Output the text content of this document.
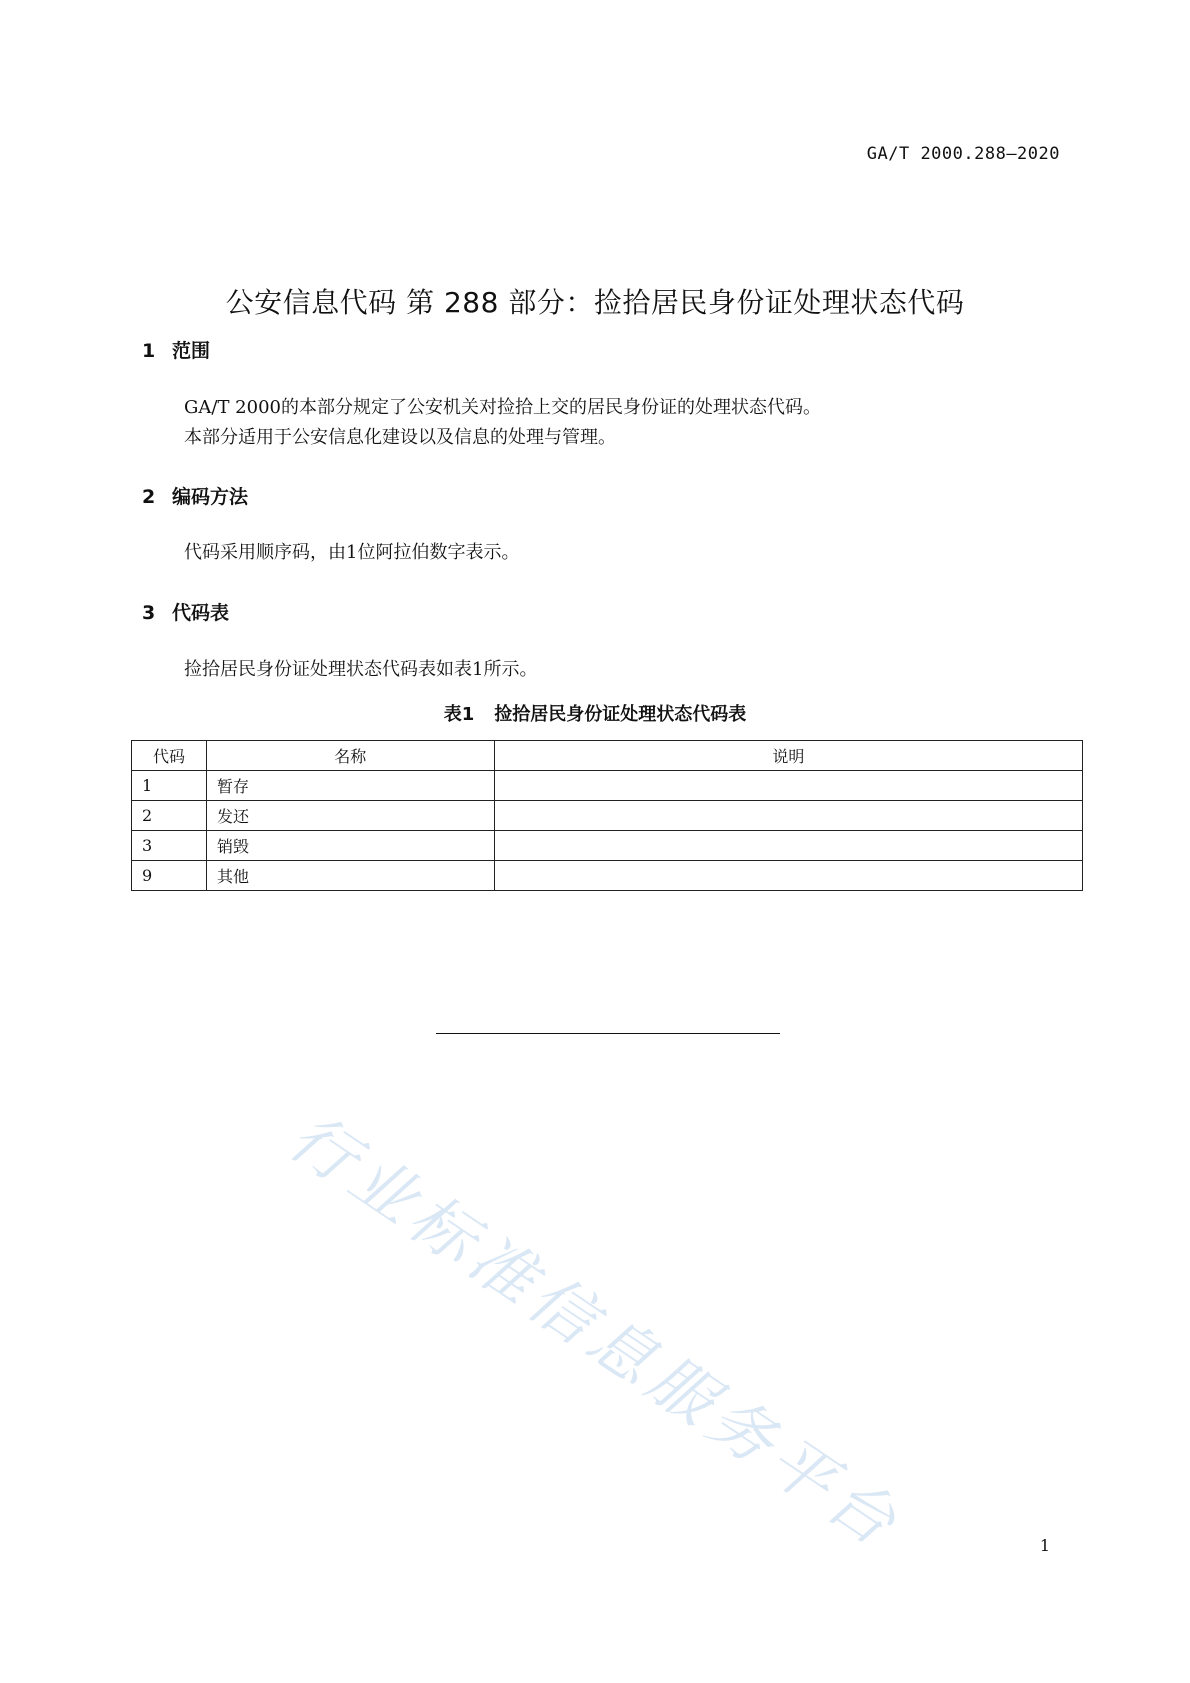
GA/T 2000.288—2020
公安信息代码 第 288 部分：捡拾居民身份证处理状态代码
1 范围
GA/T 2000的本部分规定了公安机关对捡拾上交的居民身份证的处理状态代码。
本部分适用于公安信息化建设以及信息的处理与管理。
2 编码方法
代码采用顺序码，由1位阿拉伯数字表示。
3 代码表
捡拾居民身份证处理状态代码表如表1所示。
表1 捡拾居民身份证处理状态代码表
代码	名称	说明
1	暂存	
2	发还	
3	销毁	
9	其他	
行业标准信息服务平台	1
